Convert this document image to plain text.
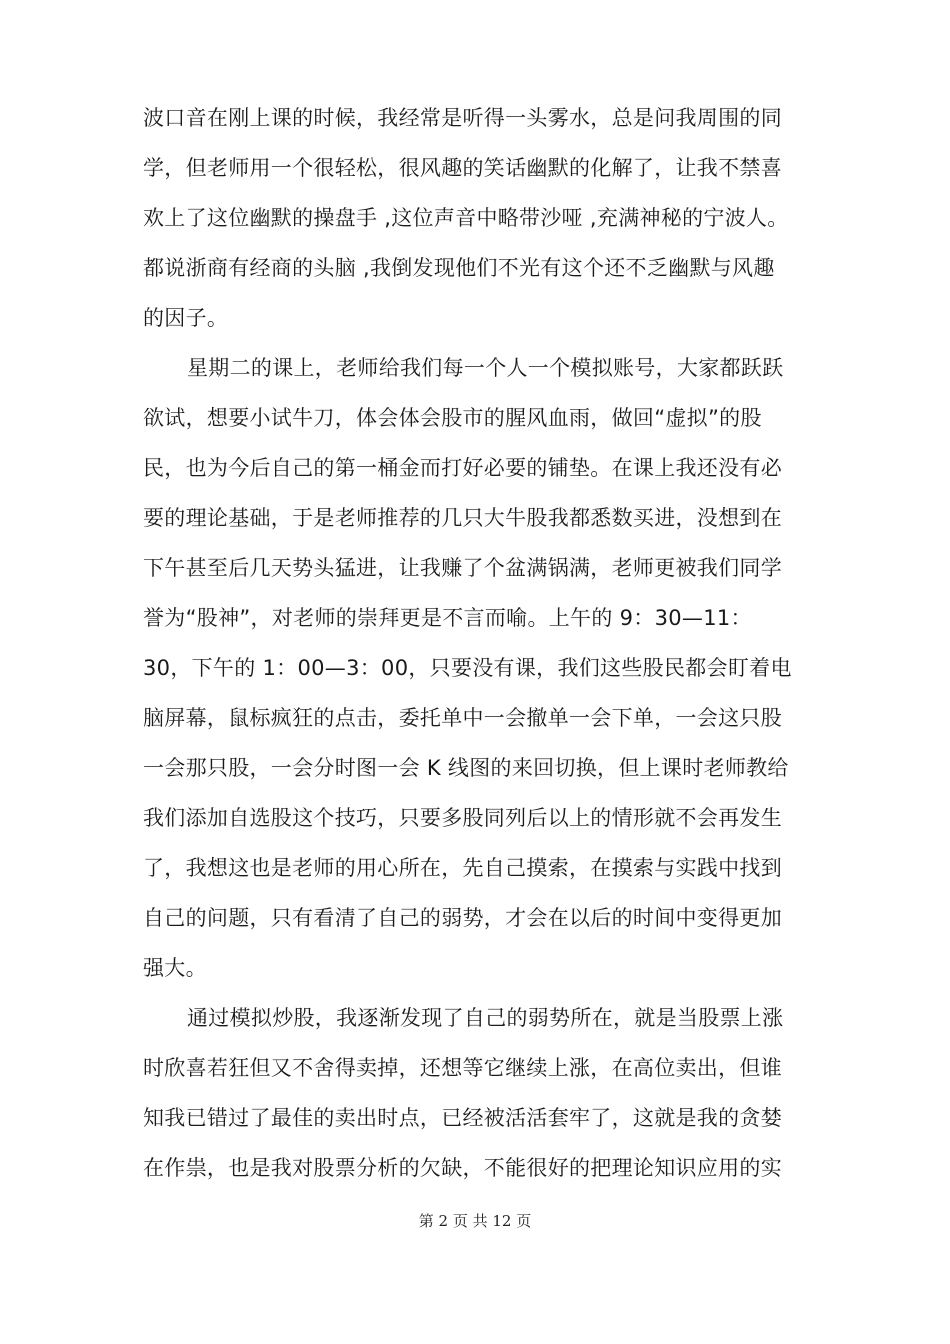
波口音在刚上课的时候，我经常是听得一头雾水，总是问我周围的同
学，但老师用一个很轻松，很风趣的笑话幽默的化解了，让我不禁喜
欢上了这位幽默的操盘手 ,这位声音中略带沙哑 ,充满神秘的宁波人。
都说浙商有经商的头脑 ,我倒发现他们不光有这个还不乏幽默与风趣
的因子。
星期二的课上，老师给我们每一个人一个模拟账号，大家都跃跃
欲试，想要小试牛刀，体会体会股市的腥风血雨，做回“虚拟”的股
民，也为今后自己的第一桶金而打好必要的铺垫。在课上我还没有必
要的理论基础，于是老师推荐的几只大牛股我都悉数买进，没想到在
下午甚至后几天势头猛进，让我赚了个盆满锅满，老师更被我们同学
誉为“股神”，对老师的崇拜更是不言而喻。上午的 9：30—11：
30，下午的 1：00—3：00，只要没有课，我们这些股民都会盯着电
脑屏幕，鼠标疯狂的点击，委托单中一会撤单一会下单，一会这只股
一会那只股，一会分时图一会 K 线图的来回切换，但上课时老师教给
我们添加自选股这个技巧，只要多股同列后以上的情形就不会再发生
了，我想这也是老师的用心所在，先自己摸索，在摸索与实践中找到
自己的问题，只有看清了自己的弱势，才会在以后的时间中变得更加
强大。
通过模拟炒股，我逐渐发现了自己的弱势所在，就是当股票上涨
时欣喜若狂但又不舍得卖掉，还想等它继续上涨，在高位卖出，但谁
知我已错过了最佳的卖出时点，已经被活活套牢了，这就是我的贪婪
在作祟，也是我对股票分析的欠缺，不能很好的把理论知识应用的实
第 2 页 共 12 页
